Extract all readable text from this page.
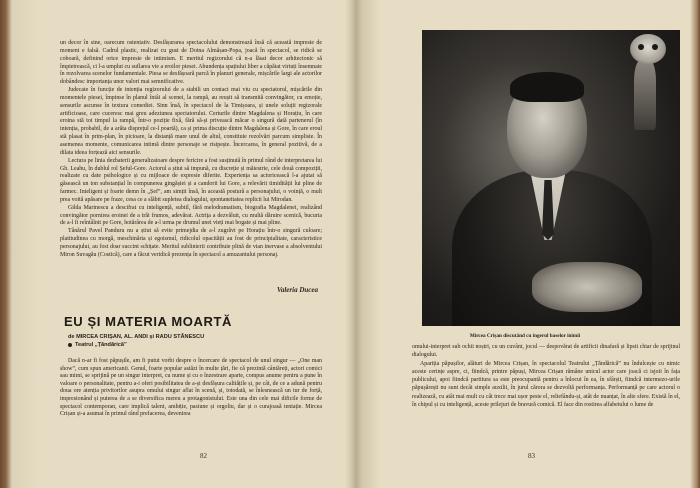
un decor în sine, oarecum ostentativ. Desfășurarea spectacolului demonstrează însă că această impresie de moment e falsă. Cadrul plastic, realizat cu gust de Doina Almășan-Popa, joacă în spectacol, se ridică se coboară, definind orice impresie de intimism. E meritul regizorului că n-a lăsat decor arhitectonic să împietrească, ci l-a umplut cu suflarea vie a eroilor piesei. Abundența spațiului liber a căpătat virtuți însemnate în rezolvarea scenelor fundamentale. Piesa se desfășoară parcă în planuri generale, mișcările largi ale actorilor dobândesc importanța unor valori mai semnificative.

Judecate în funcție de intenția regizorului de a stabili un contact mai viu cu spectatorul, mișcările din momentele piesei, împinse în planul întâi al scenei, la rampă, au reușit să transmită convingător, cu emoție, sensurile ascunse în textura comediei. Sinn însă, în spectacol de la Timișoara, și unele soluții regizorale artificioase, care cuceresc mai greu adeziunea spectatorului. Certurile dintre Magdalena și Horațiu, în care eroina stă tot timpul la rampă, într-o poziție fixă, fără să-și privească măcar o singură dată partenerul (în intenția, probabil, de a arăta disprețul ce-l poartă), ca și prima discuție dintre Magdalena și Gore, în care eroul stă plasat în prim-plan, în picioare, la distanță mare unul de altul, constituie rezolvări parcum simpliste. În asemenea momente, comunicarea intimă dintre personaje se risipește. Încercarea, în general pozitivă, de a dilata ideea forțează aici sensurile.

Lectura pe linia dezbaterii generalizatoare despre fericire a fost susținută în primul rând de interpretarea lui Gh. Leahu, în dublul rol Șeful-Gore. Actorul a știut să impună, cu discreție și măiestrie, cele două compoziții, realizate cu date psihologice și cu mijloace de expresie diferite. Experiența sa actoricească l-a ajutat să găsească un ton substanțial în compunerea gingășiei și a candorii lui Gore, a relevării timidității lui pline de farmec. Inteligent și foarte demn în „Șef”, am simțit însă, în această postură a personajului, o voință, o mult prea voită apăsare pe fraze, cesa ce a slăbit supletea dialogului, spontaneitatea replicii lui Mirodan.

Gilda Marinescu a descifrat cu inteligență, subtil, fără melodramatism, biografia Magdalenei, realizând convingător pornirea eroinei de a trăi frumos, adevărat. Actrița a dezvăluit, cu multă dăruire scenică, bucuria de a-l fi reîntâlnit pe Gore, hotărârea de a-l urma pe drumul unei vieți mai bogate și mai pline.

Tânărul Pavel Panduru nu a știut să evite primejdia de a-l zugrăvi pe Horațiu într-o singură culoare; platitudinea cu morgă, meschinăria și egoismul, ridicolul opacității au fost de principialitate, caracteristice personajului, au fost doar succint schițate. Meritul sublinierii contribuie plină de vian inervase a absolventului Miron Suvagău (Costică), care a făcut veridică prezența în spectacol a amuzantului personaj.

Valeria Ducea
EU ȘI MATERIA MOARTĂ

de MIRCEA CRIȘAN, AL. ANDI și RADU STĂNESCU

Teatrul „Țăndărică”

Dacă n-ar fi fost păpușile, am fi putut vorbi despre o încercare de spectacol de unul singur — „One man show”, cum spun americanii. Genul, foarte popular astăzi în multe țări, fie că prezintă cântăreți, actori comici sau mimi, se sprijină pe un singur interpret, cu nume și cu o înzestrare aparte, compus anume pentru a pune în valoare o personalitate, pentru a-i oferi posibilitatea de a-și desfășura calitățile și, pe cât, de ce a adună pentru doua ore atenția privitorilor asupra omului singur aflat în scenă, și, totodată, se înlesnească un tur de forță, impresionând și puterea de a se diversifica mereu a protagonistului. Este una din cele mai dificile forme de spectacol contemporan, care implică talent, ambiție, pasiune și orgoliu, dar și o curajoasă tentație. Mircea Crișan și-a asumat în primul rând prefacerea, devenirea

82

Mircea Crișan discutând cu ingerul baselor inimii

omului-interpret sub ochii noștri, cu un cuvânt, jocul — despovărat de artificii dinafară și lipsit chiar de sprijinul dialogului.

Apariția păpușilor, alături de Mircea Crișan, în spectacolul Teatrului „Țăndărică” nu îndulcește cu nimic aceste cerințe aspre, ci, fiindcă, printre păpuși, Mircea Crișan rămâne unicul actor care joacă ci isjoii în fața publicului, apoi fiindcă partitura sa este preocupantă pentru a înlocui în ea, în sfârșit, fiindcă intermezo-urile păpușărești nu sunt decât simple auxilii, în jurul cărora se dezvoltă performanța. Performanță pe care actorul o realizează, cu atât mai mult cu cât trece mai ușor peste el, reliefându-și, atât de nuanțat, în alte sfere. Există în el, în chipul și cu inteligență, aceste prilejuri de bravură comică. El face din rostirea alfabetului o lume de

83
